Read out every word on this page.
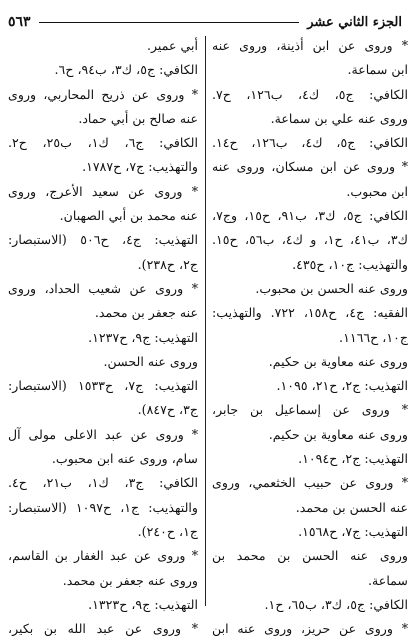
الجزء الثاني عشر
٥٦٣
* وروى عن ابن أذينة، وروى عنه
ابن سماعة.
الكافي: ج٥، ك٤، ب١٢٦، ح٧.
وروى عنه علي بن سماعة.
الكافي: ج٥، ك٤، ب١٢٦، ح١٤.
* وروى عن ابن مسكان، وروى عنه
ابن محبوب.
الكافي: ج٥، ك٣، ب٩١، ح١٥، وج٧،
ك٣، ب٤١، ح١، و ك٤، ب٥٦، ح١٥.
والتهذيب: ج١٠، ح٤٣٥.
وروى عنه الحسن بن محبوب.
الفقيه: ج٤، ح١٥٨، ٧٢٢. والتهذيب:
ج١٠، ح١١٦٦.
وروى عنه معاوية بن حكيم.
التهذيب: ج٢، ح٢١، ١٠٩٥.
* وروى عن إسماعيل بن جابر،
وروى عنه معاوية بن حكيم.
التهذيب: ج٢، ح١٠٩٤.
* وروى عن حبيب الخثعمي، وروى
عنه الحسن بن محمد.
التهذيب: ج٧، ح١٥٦٨.
وروى عنه الحسن بن محمد بن
سماعة.
الكافي: ج٥، ك٣، ب٦٥، ح١.
* وروى عن حريز، وروى عنه ابن
أبي عمير.
الكافي: ج٥، ك٣، ب٩٤، ح٦.
* وروى عن ذريح المحاربي، وروى
عنه صالح بن أبي حماد.
الكافي: ج٦، ك١، ب٢٥، ح٢.
والتهذيب: ج٧، ح١٧٨٧.
* وروى عن سعيد الأعرج، وروى
عنه محمد بن أبي الصهبان.
التهذيب: ج٤، ح٥٠٦ (الاستبصار:
ج٢، ح٢٣٨).
* وروى عن شعيب الحداد، وروى
عنه جعفر بن محمد.
التهذيب: ج٩، ح١٢٣٧.
وروى عنه الحسن.
التهذيب: ج٧، ح١٥٣٣ (الاستبصار:
ج٣، ح٨٤٧).
* وروى عن عبد الاعلى مولى آل
سام، وروى عنه ابن محبوب.
الكافي: ج٣، ك١، ب٢١، ح٤.
والتهذيب: ج١، ح١٠٩٧ (الاستبصار:
ج١، ح٢٤٠).
* وروى عن عبد الغفار بن القاسم،
وروى عنه جعفر بن محمد.
التهذيب: ج٩، ح١٣٢٣.
* وروى عن عبد الله بن بكير،
